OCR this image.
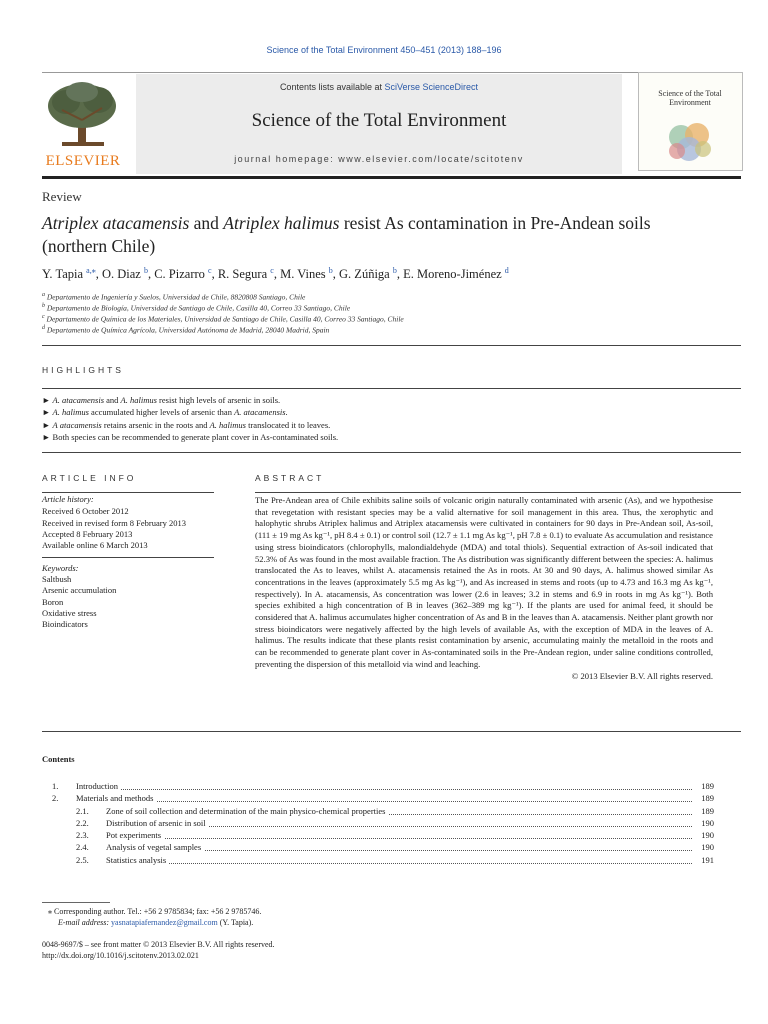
Science of the Total Environment 450–451 (2013) 188–196
ELSEVIER
Contents lists available at SciVerse ScienceDirect
Science of the Total Environment
journal homepage: www.elsevier.com/locate/scitotenv
Science of the Total Environment
Review
Atriplex atacamensis and Atriplex halimus resist As contamination in Pre-Andean soils
(northern Chile)
Y. Tapia $^{a,⁎}$, O. Diaz $^b$, C. Pizarro $^c$, R. Segura $^c$, M. Vines $^b$, G. Zúñiga $^b$, E. Moreno-Jiménez $^d$
$^a$ Departamento de Ingeniería y Suelos, Universidad de Chile, 8820808 Santiago, Chile
$^b$ Departamento de Biología, Universidad de Santiago de Chile, Casilla 40, Correo 33 Santiago, Chile
$^c$ Departamento de Química de los Materiales, Universidad de Santiago de Chile, Casilla 40, Correo 33 Santiago, Chile
$^d$ Departamento de Química Agrícola, Universidad Autónoma de Madrid, 28040 Madrid, Spain
HIGHLIGHTS
► A. atacamensis and A. halimus resist high levels of arsenic in soils.
► A. halimus accumulated higher levels of arsenic than A. atacamensis.
► A atacamensis retains arsenic in the roots and A. halimus translocated it to leaves.
► Both species can be recommended to generate plant cover in As-contaminated soils.
ARTICLE INFO
Article history:
Received 6 October 2012
Received in revised form 8 February 2013
Accepted 8 February 2013
Available online 6 March 2013
Keywords:
Saltbush
Arsenic accumulation
Boron
Oxidative stress
Bioindicators
ABSTRACT
The Pre-Andean area of Chile exhibits saline soils of volcanic origin naturally contaminated with arsenic (As), and we hypothesise that revegetation with resistant species may be a valid alternative for soil management in this area. Thus, the xerophytic and halophytic shrubs Atriplex halimus and Atriplex atacamensis were cultivated in containers for 90 days in Pre-Andean soil, As-soil, (111 ± 19 mg As kg⁻¹, pH 8.4 ± 0.1) or control soil (12.7 ± 1.1 mg As kg⁻¹, pH 7.8 ± 0.1) to evaluate As accumulation and resistance using stress bioindicators (chlorophylls, malondialdehyde (MDA) and total thiols). Sequential extraction of As-soil indicated that 52.3% of As was found in the most available fraction. The As distribution was significantly different between the species: A. halimus translocated the As to leaves, whilst A. atacamensis retained the As in roots. At 30 and 90 days, A. halimus showed similar As concentrations in the leaves (approximately 5.5 mg As kg⁻¹), and As increased in stems and roots (up to 4.73 and 16.3 mg As kg⁻¹, respectively). In A. atacamensis, As concentration was lower (2.6 in leaves; 3.2 in stems and 6.9 in roots in mg As kg⁻¹). Both species exhibited a high concentration of B in leaves (362–389 mg kg⁻¹). If the plants are used for animal feed, it should be considered that A. halimus accumulates higher concentration of As and B in the leaves than A. atacamensis. Neither plant growth nor stress bioindicators were negatively affected by the high levels of available As, with the exception of MDA in the leaves of A. halimus. The results indicate that these plants resist contamination by arsenic, accumulating mainly the metalloid in the roots and can be recommended to generate plant cover in As-contaminated soils in the Pre-Andean region, under saline conditions controlled, preventing the dispersion of this metalloid via wind and leaching.
© 2013 Elsevier B.V. All rights reserved.
Contents
1. Introduction	189
2. Materials and methods	189
2.1. Zone of soil collection and determination of the main physico-chemical properties	189
2.2. Distribution of arsenic in soil	190
2.3. Pot experiments	190
2.4. Analysis of vegetal samples	190
2.5. Statistics analysis	191
⁎ Corresponding author. Tel.: +56 2 9785834; fax: +56 2 9785746.
E-mail address: yasnatapiafernandez@gmail.com (Y. Tapia).
0048-9697/$ – see front matter © 2013 Elsevier B.V. All rights reserved.
http://dx.doi.org/10.1016/j.scitotenv.2013.02.021
